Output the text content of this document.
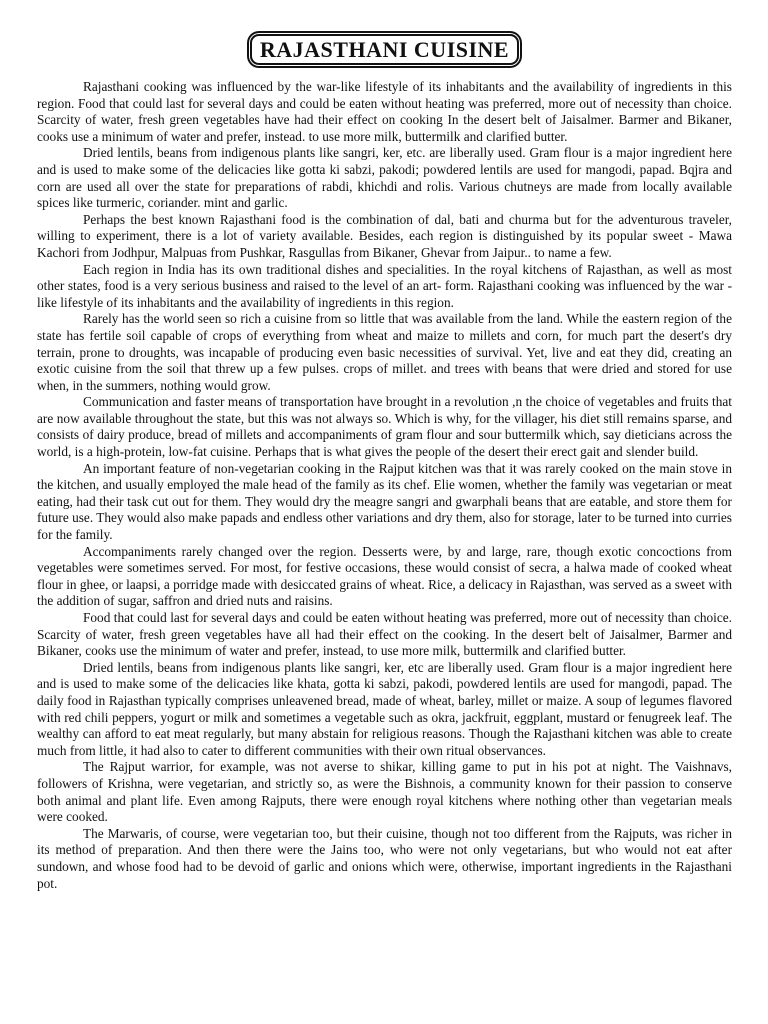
RAJASTHANI CUISINE

Rajasthani cooking was influenced by the war-like lifestyle of its inhabitants and the availability of ingredients in this region. Food that could last for several days and could be eaten without heating was preferred, more out of necessity than choice. Scarcity of water, fresh green vegetables have had their effect on cooking In the desert belt of Jaisalmer. Barmer and Bikaner, cooks use a minimum of water and prefer, instead. to use more milk, buttermilk and clarified butter.

Dried lentils, beans from indigenous plants like sangri, ker, etc. are liberally used. Gram flour is a major ingredient here and is used to make some of the delicacies like gotta ki sabzi, pakodi; powdered lentils are used for mangodi, papad. Bqjra and corn are used all over the state for preparations of rabdi, khichdi and rolis. Various chutneys are made from locally available spices like turmeric, coriander. mint and garlic.

Perhaps the best known Rajasthani food is the combination of dal, bati and churma but for the adventurous traveler, willing to experiment, there is a lot of variety available. Besides, each region is distinguished by its popular sweet - Mawa Kachori from Jodhpur, Malpuas from Pushkar, Rasgullas from Bikaner, Ghevar from Jaipur.. to name a few.

Each region in India has its own traditional dishes and specialities. In the royal kitchens of Rajasthan, as well as most other states, food is a very serious business and raised to the level of an art- form. Rajasthani cooking was influenced by the war -like lifestyle of its inhabitants and the availability of ingredients in this region.

Rarely has the world seen so rich a cuisine from so little that was available from the land. While the eastern region of the state has fertile soil capable of crops of everything from wheat and maize to millets and corn, for much part the desert's dry terrain, prone to droughts, was incapable of producing even basic necessities of survival. Yet, live and eat they did, creating an exotic cuisine from the soil that threw up a few pulses. crops of millet. and trees with beans that were dried and stored for use when, in the summers, nothing would grow.

Communication and faster means of transportation have brought in a revolution ,n the choice of vegetables and fruits that are now available throughout the state, but this was not always so. Which is why, for the villager, his diet still remains sparse, and consists of dairy produce, bread of millets and accompaniments of gram flour and sour buttermilk which, say dieticians across the world, is a high-protein, low-fat cuisine. Perhaps that is what gives the people of the desert their erect gait and slender build.

An important feature of non-vegetarian cooking in the Rajput kitchen was that it was rarely cooked on the main stove in the kitchen, and usually employed the male head of the family as its chef. Elie women, whether the family was vegetarian or meat eating, had their task cut out for them. They would dry the meagre sangri and gwarphali beans that are eatable, and store them for future use. They would also make papads and endless other variations and dry them, also for storage, later to be turned into curries for the family.

Accompaniments rarely changed over the region. Desserts were, by and large, rare, though exotic concoctions from vegetables were sometimes served. For most, for festive occasions, these would consist of secra, a halwa made of cooked wheat flour in ghee, or laapsi, a porridge made with desiccated grains of wheat. Rice, a delicacy in Rajasthan, was served as a sweet with the addition of sugar, saffron and dried nuts and raisins.

Food that could last for several days and could be eaten without heating was preferred, more out of necessity than choice. Scarcity of water, fresh green vegetables have all had their effect on the cooking. In the desert belt of Jaisalmer, Barmer and Bikaner, cooks use the minimum of water and prefer, instead, to use more milk, buttermilk and clarified butter.

Dried lentils, beans from indigenous plants like sangri, ker, etc are liberally used. Gram flour is a major ingredient here and is used to make some of the delicacies like khata, gotta ki sabzi, pakodi, powdered lentils are used for mangodi, papad. The daily food in Rajasthan typically comprises unleavened bread, made of wheat, barley, millet or maize. A soup of legumes flavored with red chili peppers, yogurt or milk and sometimes a vegetable such as okra, jackfruit, eggplant, mustard or fenugreek leaf. The wealthy can afford to eat meat regularly, but many abstain for religious reasons. Though the Rajasthani kitchen was able to create much from little, it had also to cater to different communities with their own ritual observances.

The Rajput warrior, for example, was not averse to shikar, killing game to put in his pot at night. The Vaishnavs, followers of Krishna, were vegetarian, and strictly so, as were the Bishnois, a community known for their passion to conserve both animal and plant life. Even among Rajputs, there were enough royal kitchens where nothing other than vegetarian meals were cooked.

The Marwaris, of course, were vegetarian too, but their cuisine, though not too different from the Rajputs, was richer in its method of preparation. And then there were the Jains too, who were not only vegetarians, but who would not eat after sundown, and whose food had to be devoid of garlic and onions which were, otherwise, important ingredients in the Rajasthani pot.
